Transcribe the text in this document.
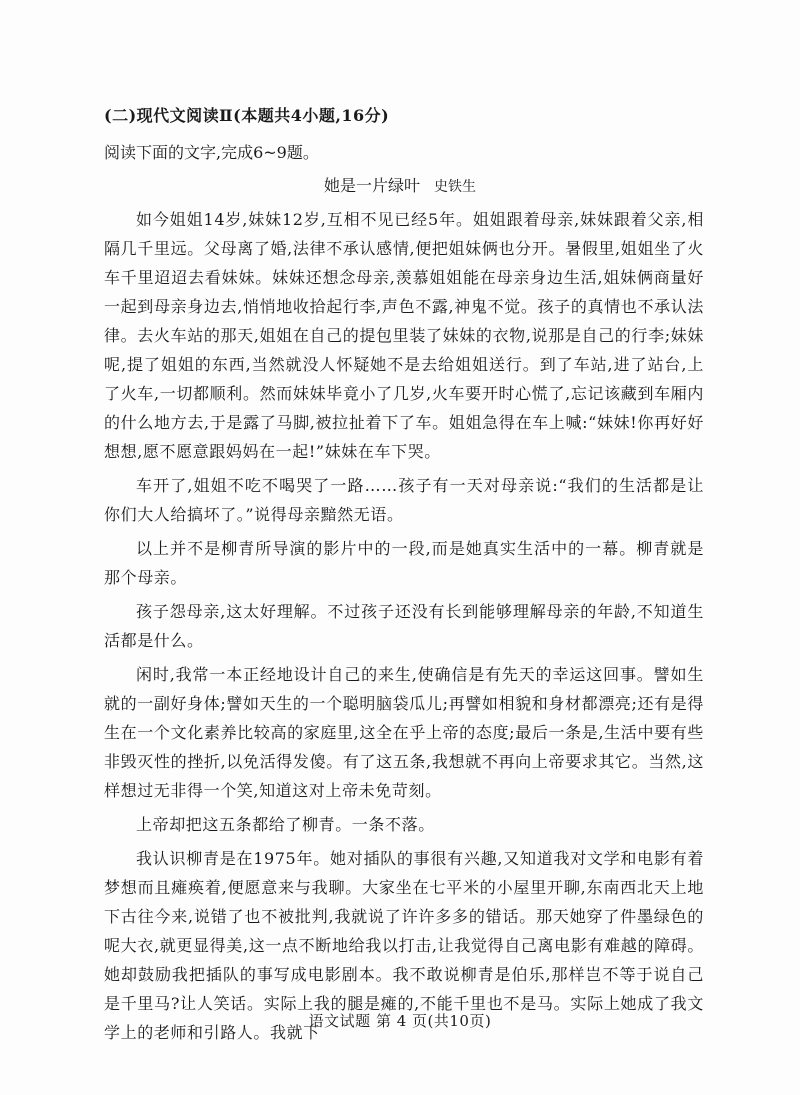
(二)现代文阅读Ⅱ(本题共4小题,16分)
阅读下面的文字,完成6~9题。
她是一片绿叶 史铁生

如今姐姐14岁,妹妹12岁,互相不见已经5年。姐姐跟着母亲,妹妹跟着父亲,相隔几千里远。父母离了婚,法律不承认感情,便把姐妹俩也分开。暑假里,姐姐坐了火车千里迢迢去看妹妹。妹妹还想念母亲,羡慕姐姐能在母亲身边生活,姐妹俩商量好一起到母亲身边去,悄悄地收拾起行李,声色不露,神鬼不觉。孩子的真情也不承认法律。去火车站的那天,姐姐在自己的提包里装了妹妹的衣物,说那是自己的行李;妹妹呢,提了姐姐的东西,当然就没人怀疑她不是去给姐姐送行。到了车站,进了站台,上了火车,一切都顺利。然而妹妹毕竟小了几岁,火车要开时心慌了,忘记该藏到车厢内的什么地方去,于是露了马脚,被拉扯着下了车。姐姐急得在车上喊:“妹妹!你再好好想想,愿不愿意跟妈妈在一起!”妹妹在车下哭。

车开了,姐姐不吃不喝哭了一路……孩子有一天对母亲说:“我们的生活都是让你们大人给搞坏了。”说得母亲黯然无语。

以上并不是柳青所导演的影片中的一段,而是她真实生活中的一幕。柳青就是那个母亲。

孩子怨母亲,这太好理解。不过孩子还没有长到能够理解母亲的年龄,不知道生活都是什么。

闲时,我常一本正经地设计自己的来生,使确信是有先天的幸运这回事。譬如生就的一副好身体;譬如天生的一个聪明脑袋瓜儿;再譬如相貌和身材都漂亮;还有是得生在一个文化素养比较高的家庭里,这全在乎上帝的态度;最后一条是,生活中要有些非毁灭性的挫折,以免活得发傻。有了这五条,我想就不再向上帝要求其它。当然,这样想过无非得一个笑,知道这对上帝未免苛刻。

上帝却把这五条都给了柳青。一条不落。

我认识柳青是在1975年。她对插队的事很有兴趣,又知道我对文学和电影有着梦想而且瘫痪着,便愿意来与我聊。大家坐在七平米的小屋里开聊,东南西北天上地下古往今来,说错了也不被批判,我就说了许许多多的错话。那天她穿了件墨绿色的呢大衣,就更显得美,这一点不断地给我以打击,让我觉得自己离电影有难越的障碍。她却鼓励我把插队的事写成电影剧本。我不敢说柳青是伯乐,那样岂不等于说自己是千里马?让人笑话。实际上我的腿是瘫的,不能千里也不是马。实际上她成了我文学上的老师和引路人。我就下

语文试题 第 4 页(共10页)
